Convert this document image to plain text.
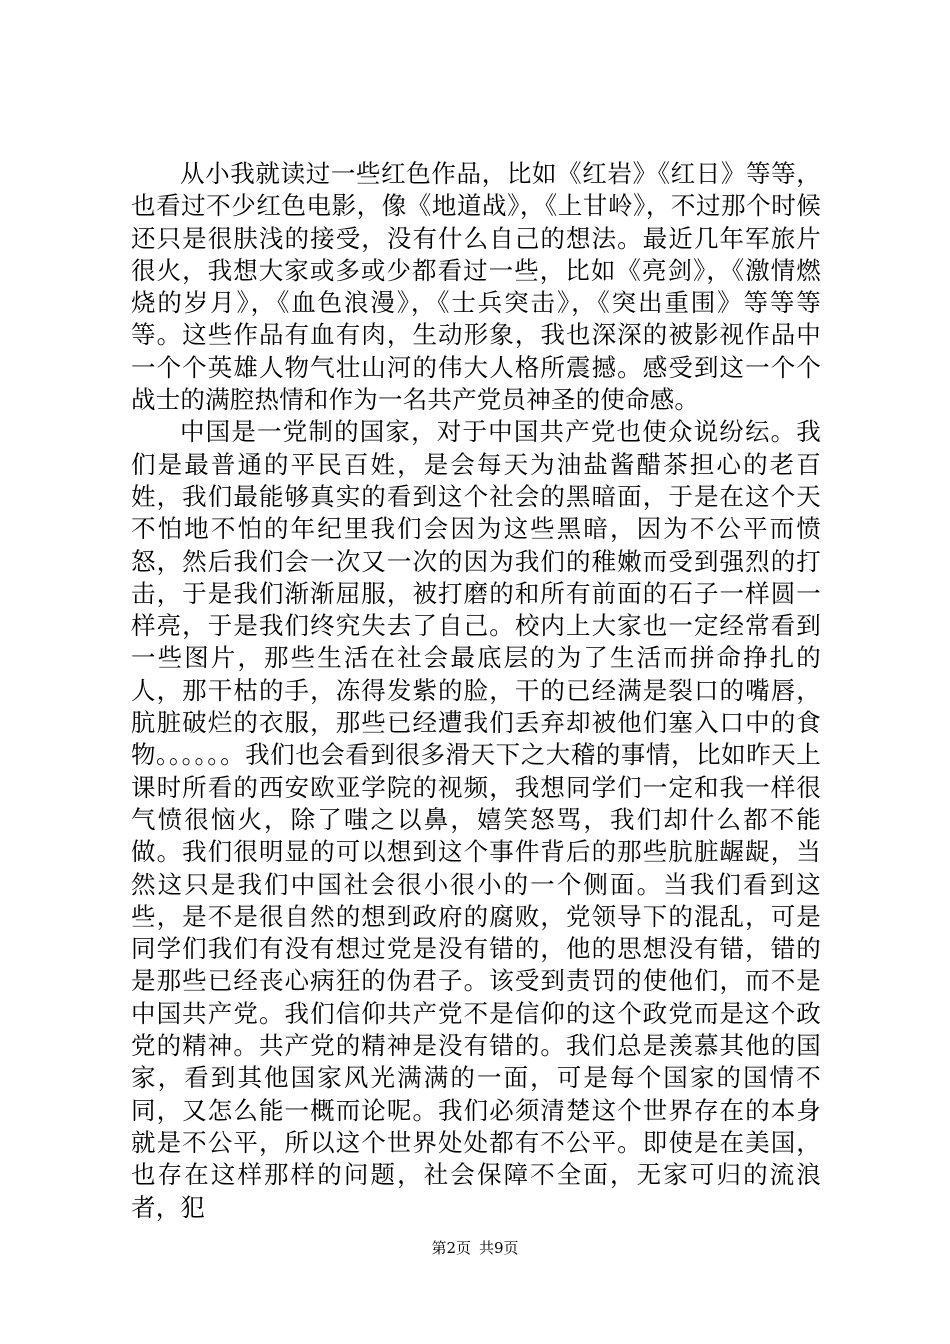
从小我就读过一些红色作品，比如《红岩》《红日》等等，也看过不少红色电影，像《地道战》，《上甘岭》，不过那个时候还只是很肤浅的接受，没有什么自己的想法。最近几年军旅片很火，我想大家或多或少都看过一些，比如《亮剑》，《激情燃烧的岁月》，《血色浪漫》，《士兵突击》，《突出重围》等等等等。这些作品有血有肉，生动形象，我也深深的被影视作品中一个个英雄人物气壮山河的伟大人格所震撼。感受到这一个个战士的满腔热情和作为一名共产党员神圣的使命感。

中国是一党制的国家，对于中国共产党也使众说纷纭。我们是最普通的平民百姓，是会每天为油盐酱醋茶担心的老百姓，我们最能够真实的看到这个社会的黑暗面，于是在这个天不怕地不怕的年纪里我们会因为这些黑暗，因为不公平而愤怒，然后我们会一次又一次的因为我们的稚嫩而受到强烈的打击，于是我们渐渐屈服，被打磨的和所有前面的石子一样圆一样亮，于是我们终究失去了自己。校内上大家也一定经常看到一些图片，那些生活在社会最底层的为了生活而拼命挣扎的人，那干枯的手，冻得发紫的脸，干的已经满是裂口的嘴唇，肮脏破烂的衣服，那些已经遭我们丢弃却被他们塞入口中的食物。。。。。。我们也会看到很多滑天下之大稽的事情，比如昨天上课时所看的西安欧亚学院的视频，我想同学们一定和我一样很气愤很恼火，除了嗤之以鼻，嬉笑怒骂，我们却什么都不能做。我们很明显的可以想到这个事件背后的那些肮脏龌龊，当然这只是我们中国社会很小很小的一个侧面。当我们看到这些，是不是很自然的想到政府的腐败，党领导下的混乱，可是同学们我们有没有想过党是没有错的，他的思想没有错，错的是那些已经丧心病狂的伪君子。该受到责罚的使他们，而不是中国共产党。我们信仰共产党不是信仰的这个政党而是这个政党的精神。共产党的精神是没有错的。我们总是羡慕其他的国家，看到其他国家风光满满的一面，可是每个国家的国情不同，又怎么能一概而论呢。我们必须清楚这个世界存在的本身就是不公平，所以这个世界处处都有不公平。即使是在美国，也存在这样那样的问题，社会保障不全面，无家可归的流浪者，犯

第2页 共9页
